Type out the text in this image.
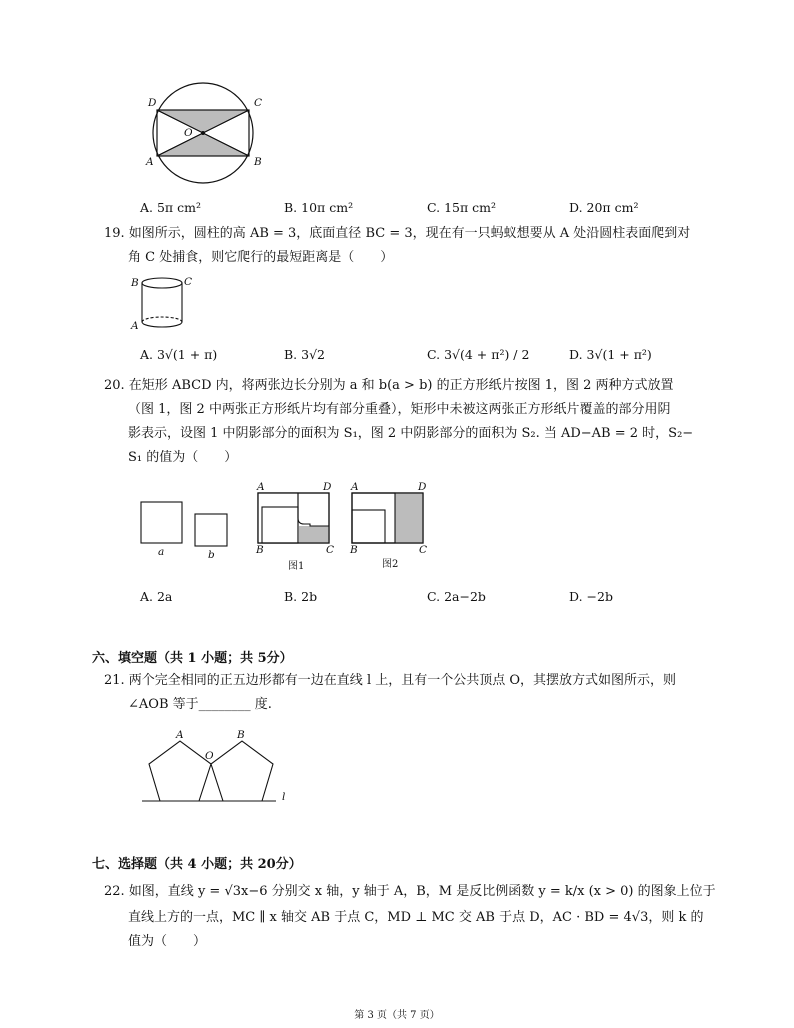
D	C
O
A	B
A. 5π cm²	B. 10π cm²	C. 15π cm²	D. 20π cm²
19. 如图所示，圆柱的高 AB = 3，底面直径 BC = 3，现在有一只蚂蚁想要从 A 处沿圆柱表面爬到对
角 C 处捕食，则它爬行的最短距离是（　　）
B	C
A
A. 3√(1 + π)	B. 3√2	C. 3√(4 + π²) / 2	D. 3√(1 + π²)
20. 在矩形 ABCD 内，将两张边长分别为 a 和 b(a > b) 的正方形纸片按图 1，图 2 两种方式放置
（图 1，图 2 中两张正方形纸片均有部分重叠），矩形中未被这两张正方形纸片覆盖的部分用阴
影表示，设图 1 中阴影部分的面积为 S₁，图 2 中阴影部分的面积为 S₂. 当 AD−AB = 2 时，S₂−
S₁ 的值为（　　）
a	b
A	D
B	C
图1
A	D
B	C
图2
A. 2a	B. 2b	C. 2a−2b	D. −2b
六、填空题（共 1 小题；共 5分）
21. 两个完全相同的正五边形都有一边在直线 l 上，且有一个公共顶点 O，其摆放方式如图所示，则
∠AOB 等于________ 度.
A
O
B
l
七、选择题（共 4 小题；共 20分）
22. 如图，直线 y = √3x−6 分别交 x 轴，y 轴于 A，B，M 是反比例函数 y = k/x (x > 0) 的图象上位于
直线上方的一点，MC ∥ x 轴交 AB 于点 C，MD ⊥ MC 交 AB 于点 D，AC · BD = 4√3，则 k 的
值为（　　）
第 3 页（共 7 页）
